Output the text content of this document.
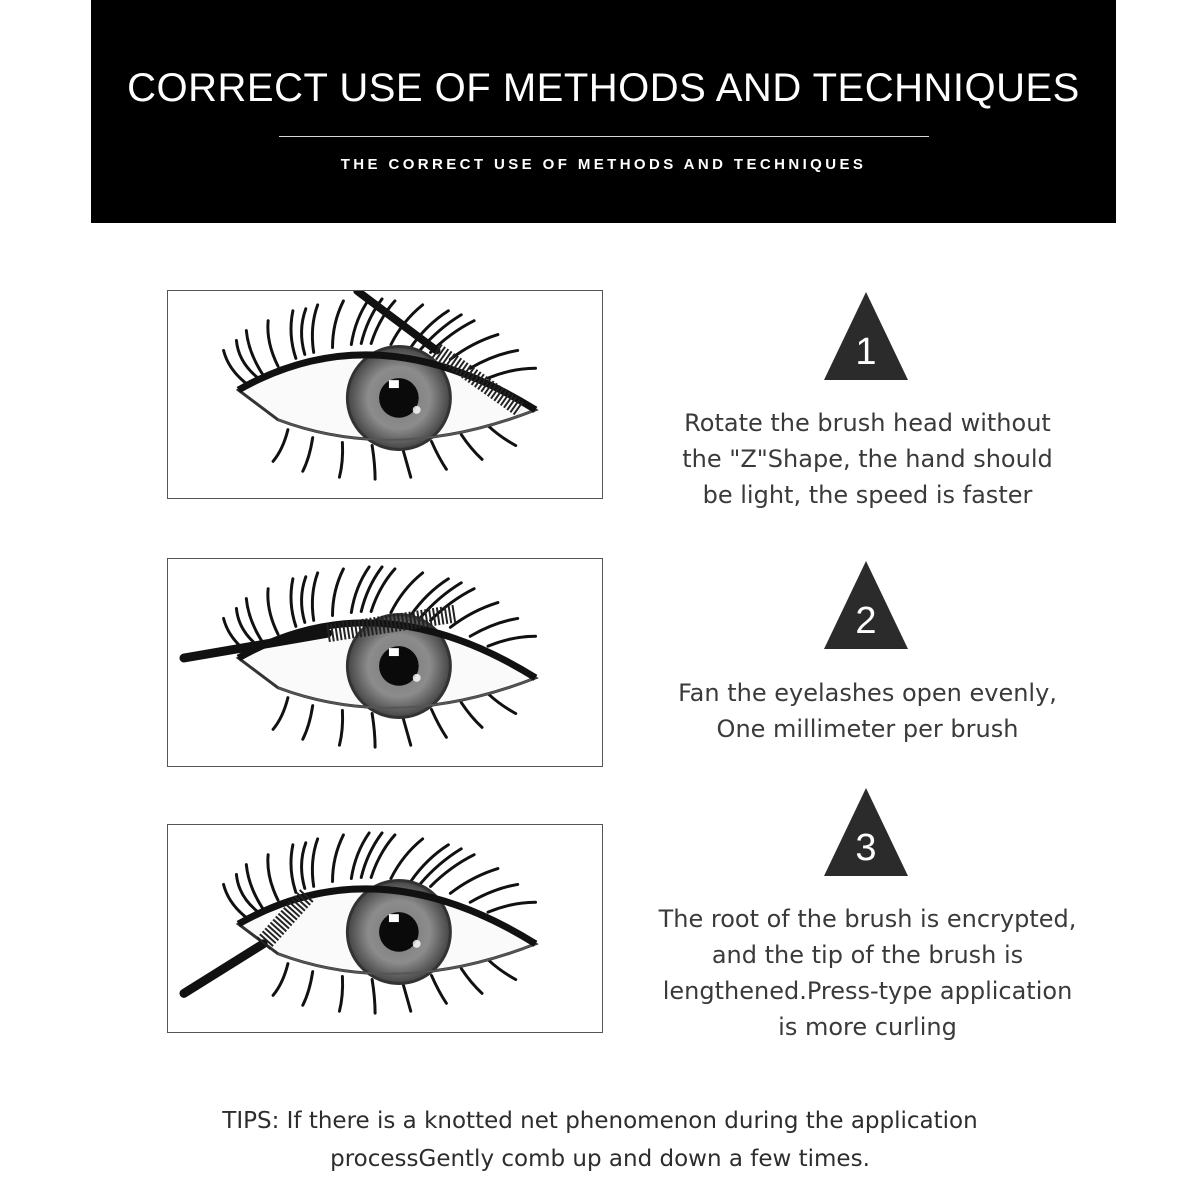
CORRECT USE OF METHODS AND TECHNIQUES
THE CORRECT USE OF METHODS AND TECHNIQUES
1
Rotate the brush head without
the "Z"Shape, the hand should
be light, the speed is faster
2
Fan the eyelashes open evenly,
One millimeter per brush
3
The root of the brush is encrypted,
and the tip of the brush is
lengthened.Press-type application
is more curling
TIPS: If there is a knotted net phenomenon during the application
processGently comb up and down a few times.
